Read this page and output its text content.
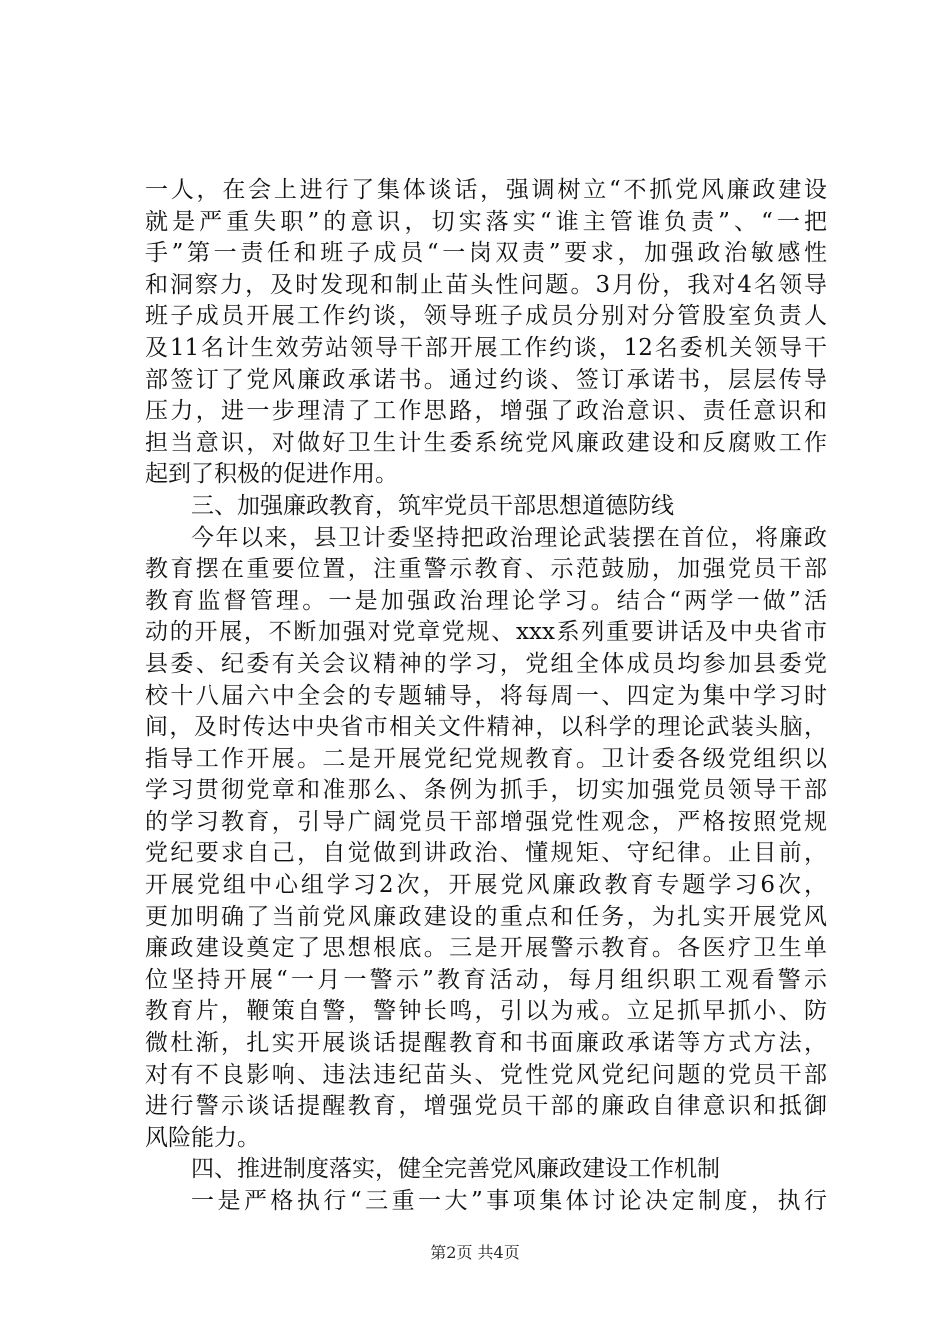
一人，在会上进行了集体谈话，强调树立“不抓党风廉政建设
就是严重失职”的意识，切实落实“谁主管谁负责”、“一把
手”第一责任和班子成员“一岗双责”要求，加强政治敏感性
和洞察力，及时发现和制止苗头性问题。3月份，我对4名领导
班子成员开展工作约谈，领导班子成员分别对分管股室负责人
及11名计生效劳站领导干部开展工作约谈，12名委机关领导干
部签订了党风廉政承诺书。通过约谈、签订承诺书，层层传导
压力，进一步理清了工作思路，增强了政治意识、责任意识和
担当意识，对做好卫生计生委系统党风廉政建设和反腐败工作
起到了积极的促进作用。
三、加强廉政教育，筑牢党员干部思想道德防线
今年以来，县卫计委坚持把政治理论武装摆在首位，将廉政
教育摆在重要位置，注重警示教育、示范鼓励，加强党员干部
教育监督管理。一是加强政治理论学习。结合“两学一做”活
动的开展，不断加强对党章党规、xxx系列重要讲话及中央省市
县委、纪委有关会议精神的学习，党组全体成员均参加县委党
校十八届六中全会的专题辅导，将每周一、四定为集中学习时
间，及时传达中央省市相关文件精神，以科学的理论武装头脑，
指导工作开展。二是开展党纪党规教育。卫计委各级党组织以
学习贯彻党章和准那么、条例为抓手，切实加强党员领导干部
的学习教育，引导广阔党员干部增强党性观念，严格按照党规
党纪要求自己，自觉做到讲政治、懂规矩、守纪律。止目前，
开展党组中心组学习2次，开展党风廉政教育专题学习6次，
更加明确了当前党风廉政建设的重点和任务，为扎实开展党风
廉政建设奠定了思想根底。三是开展警示教育。各医疗卫生单
位坚持开展“一月一警示”教育活动，每月组织职工观看警示
教育片，鞭策自警，警钟长鸣，引以为戒。立足抓早抓小、防
微杜渐，扎实开展谈话提醒教育和书面廉政承诺等方式方法，
对有不良影响、违法违纪苗头、党性党风党纪问题的党员干部
进行警示谈话提醒教育，增强党员干部的廉政自律意识和抵御
风险能力。
四、推进制度落实，健全完善党风廉政建设工作机制
一是严格执行“三重一大”事项集体讨论决定制度，执行
第2页 共4页
